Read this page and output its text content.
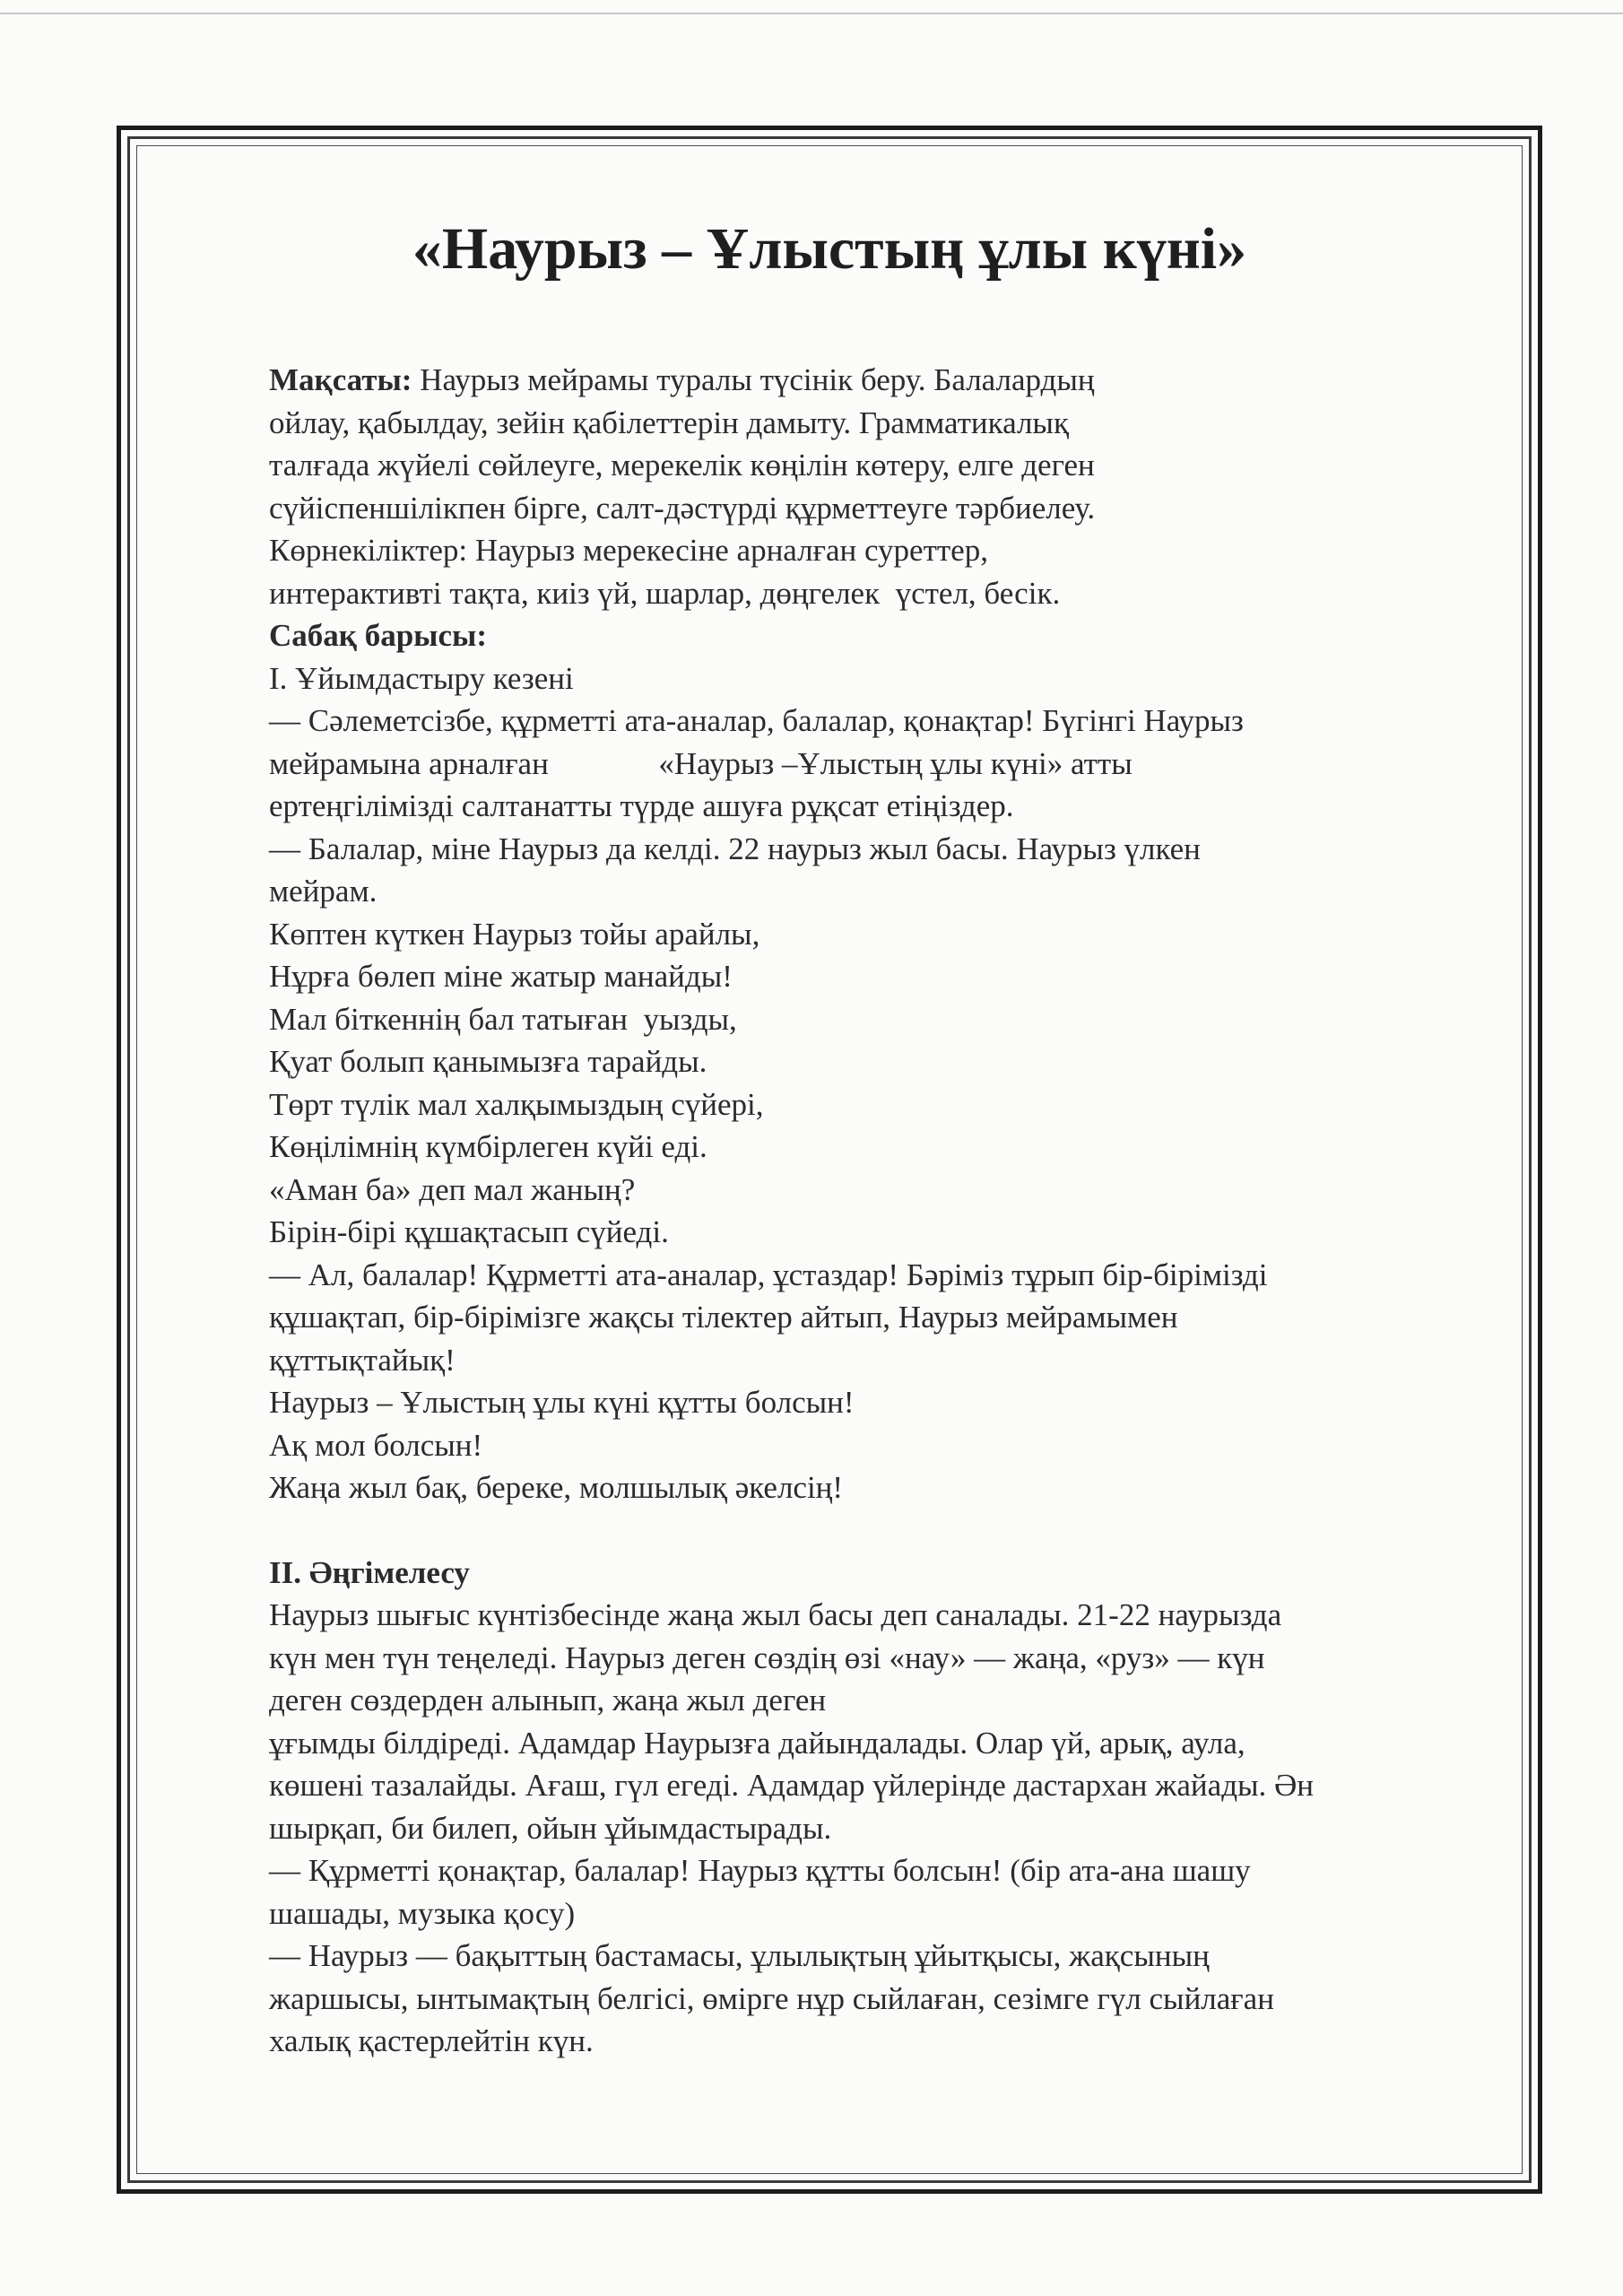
«Наурыз – Ұлыстың ұлы күні»
Мақсаты: Наурыз мейрамы туралы түсінік беру. Балалардың
ойлау, қабылдау, зейін қабілеттерін дамыту. Грамматикалық
талғада жүйелі сөйлеуге, мерекелік көңілін көтеру, елге деген
сүйіспеншілікпен бірге, салт-дәстүрді құрметтеуге тәрбиелеу.
Көрнекіліктер: Наурыз мерекесіне арналған суреттер,
интерактивті тақта, киіз үй, шарлар, дөңгелек  үстел, бесік.
Сабақ барысы:
І. Ұйымдастыру кезені
— Сәлеметсізбе, құрметті ата-аналар, балалар, қонақтар! Бүгінгі Наурыз
мейрамына арналған              «Наурыз –Ұлыстың ұлы күні» атты
ертеңгілімізді салтанатты түрде ашуға рұқсат етіңіздер.
— Балалар, міне Наурыз да келді. 22 наурыз жыл басы. Наурыз үлкен
мейрам.
Көптен күткен Наурыз тойы арайлы,
Нұрға бөлеп міне жатыр манайды!
Мал біткеннің бал татыған  уызды,
Қуат болып қанымызға тарайды.
Төрт түлік мал халқымыздың сүйері,
Көңілімнің күмбірлеген күйі еді.
«Аман ба» деп мал жаның?
Бірін-бірі құшақтасып сүйеді.
— Ал, балалар! Құрметті ата-аналар, ұстаздар! Бәріміз тұрып бір-бірімізді
құшақтап, бір-бірімізге жақсы тілектер айтып, Наурыз мейрамымен
құттықтайық!
Наурыз – Ұлыстың ұлы күні құтты болсын!
Ақ мол болсын!
Жаңа жыл бақ, береке, молшылық әкелсің!
ІІ. Әңгімелесу
Наурыз шығыс күнтізбесінде жаңа жыл басы деп саналады. 21-22 наурызда
күн мен түн теңеледі. Наурыз деген сөздің өзі «нау» — жаңа, «руз» — күн
деген сөздерден алынып, жаңа жыл деген
ұғымды білдіреді. Адамдар Наурызға дайындалады. Олар үй, арық, аула,
көшені тазалайды. Ағаш, гүл егеді. Адамдар үйлерінде дастархан жайады. Ән
шырқап, би билеп, ойын ұйымдастырады.
— Құрметті қонақтар, балалар! Наурыз құтты болсын! (бір ата-ана шашу
шашады, музыка қосу)
— Наурыз — бақыттың бастамасы, ұлылықтың ұйытқысы, жақсының
жаршысы, ынтымақтың белгісі, өмірге нұр сыйлаған, сезімге гүл сыйлаған
халық қастерлейтін күн.
